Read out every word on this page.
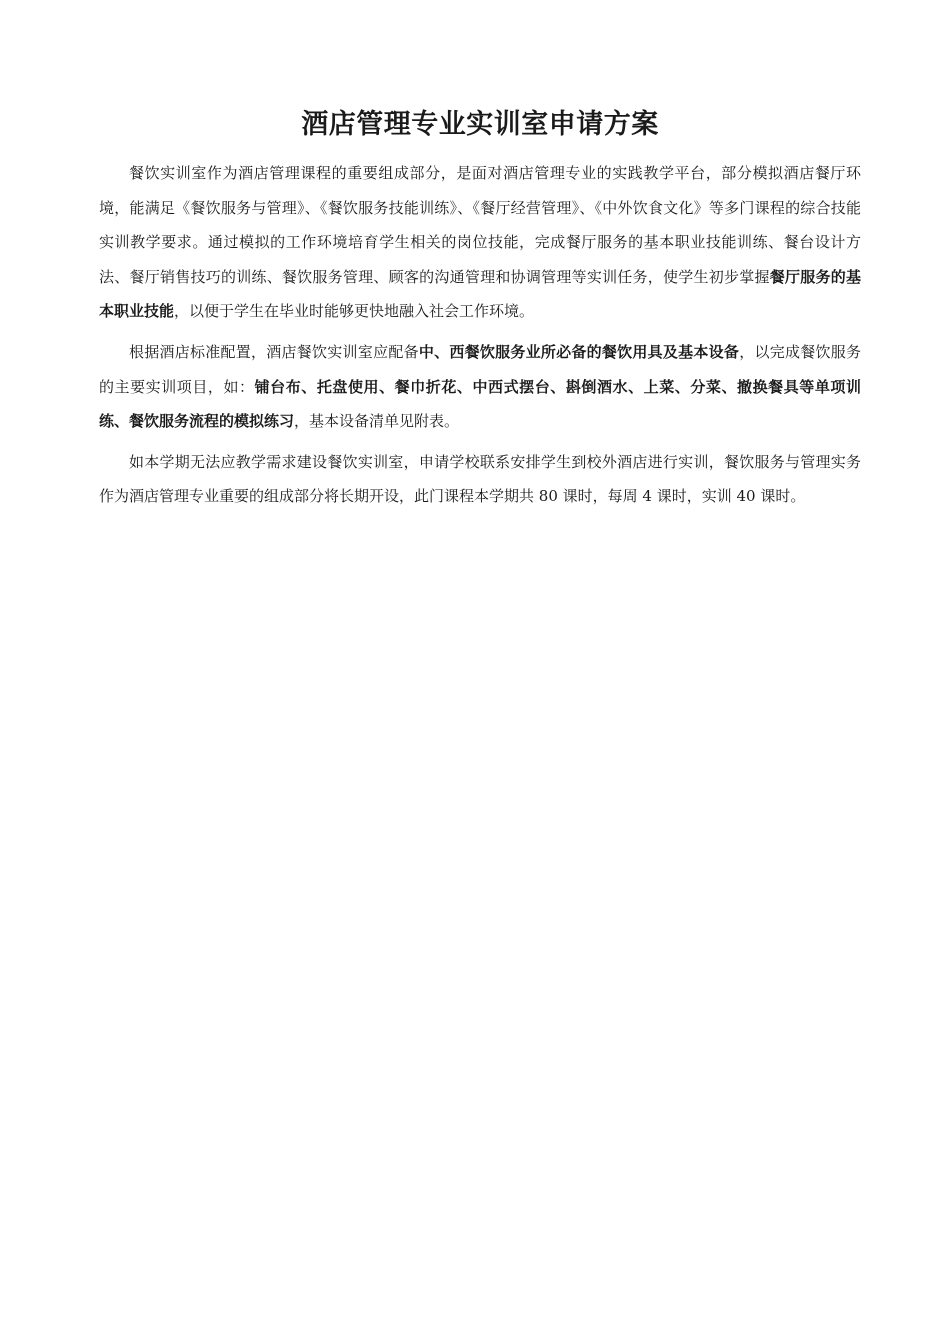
酒店管理专业实训室申请方案

餐饮实训室作为酒店管理课程的重要组成部分，是面对酒店管理专业的实践教学平台，部分模拟酒店餐厅环境，能满足《餐饮服务与管理》、《餐饮服务技能训练》、《餐厅经营管理》、《中外饮食文化》等多门课程的综合技能实训教学要求。通过模拟的工作环境培育学生相关的岗位技能，完成餐厅服务的基本职业技能训练、餐台设计方法、餐厅销售技巧的训练、餐饮服务管理、顾客的沟通管理和协调管理等实训任务，使学生初步掌握餐厅服务的基本职业技能，以便于学生在毕业时能够更快地融入社会工作环境。

根据酒店标准配置，酒店餐饮实训室应配备中、西餐饮服务业所必备的餐饮用具及基本设备，以完成餐饮服务的主要实训项目，如：铺台布、托盘使用、餐巾折花、中西式摆台、斟倒酒水、上菜、分菜、撤换餐具等单项训练、餐饮服务流程的模拟练习，基本设备清单见附表。

如本学期无法应教学需求建设餐饮实训室，申请学校联系安排学生到校外酒店进行实训，餐饮服务与管理实务作为酒店管理专业重要的组成部分将长期开设，此门课程本学期共 80 课时，每周 4 课时，实训 40 课时。
